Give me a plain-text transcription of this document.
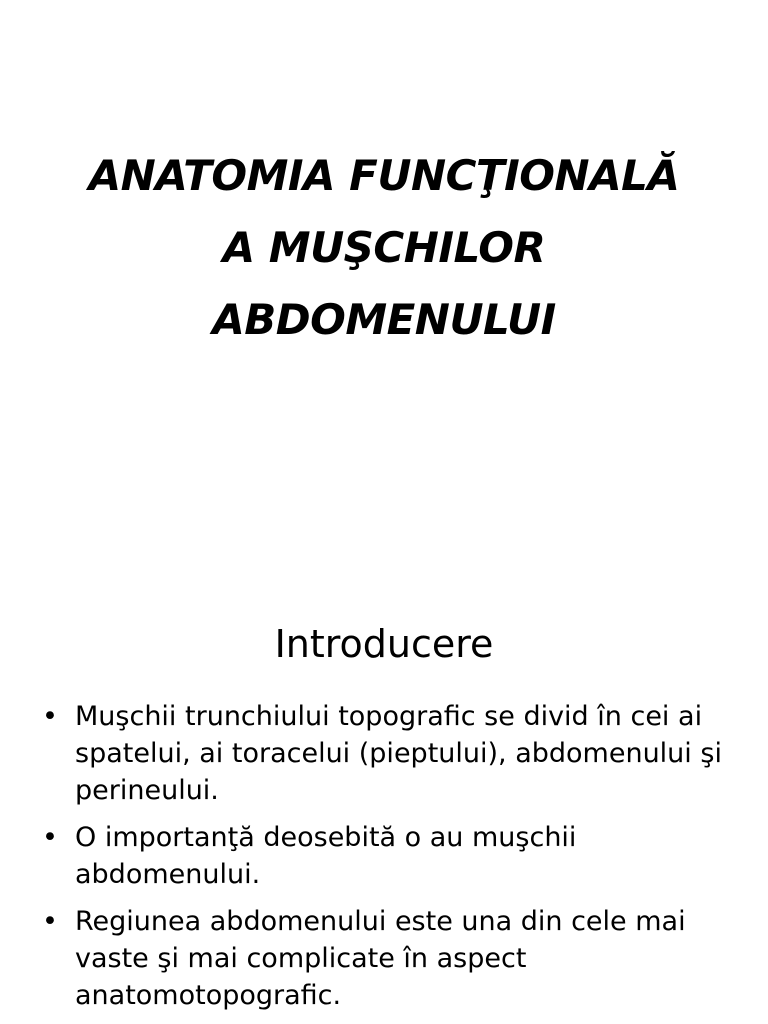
ANATOMIA FUNCŢIONALĂ
A MUŞCHILOR
ABDOMENULUI
Introducere
• Muşchii trunchiului topografic se divid în cei ai spatelui, ai toracelui (pieptului), abdomenului şi perineului.
• O importanţă deosebită o au muşchii abdomenului.
• Regiunea abdomenului este una din cele mai vaste şi mai complicate în aspect anatomotopografic.
